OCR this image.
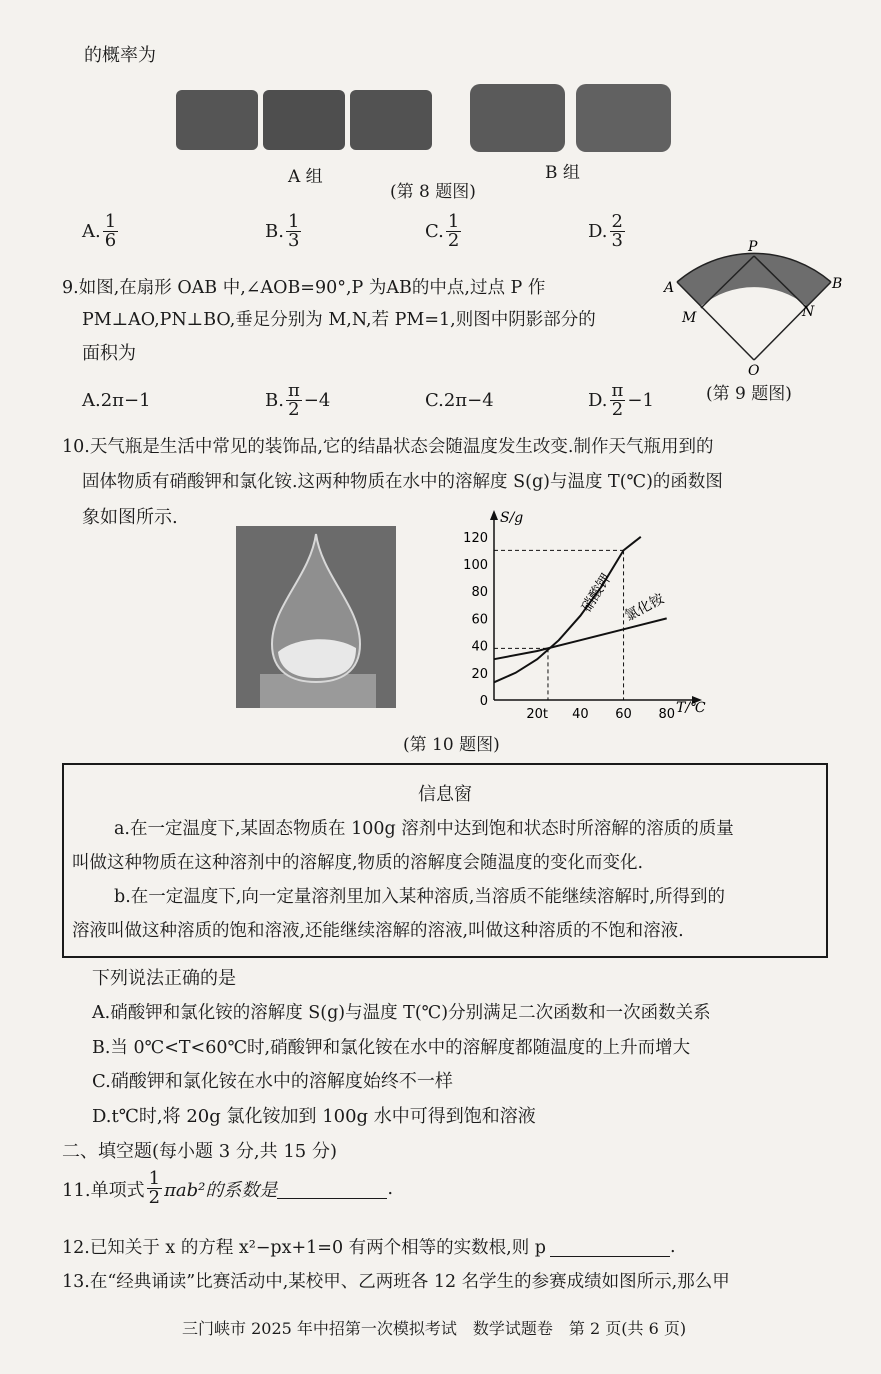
的概率为
A 组	B 组
(第 8 题图)
A. $\frac{1}{6}$	B. $\frac{1}{3}$	C. $\frac{1}{2}$	D. $\frac{2}{3}$
9.如图,在扇形 OAB 中,∠AOB=90°,P 为AB的中点,过点 P 作
PM⊥AO,PN⊥BO,垂足分别为 M,N,若 PM=1,则图中阴影部分的
面积为
P
A	B
M	N
O
(第 9 题图)
A.2π−1	B. $\frac{\pi}{2} -4$	C.2π−4	D. $\frac{\pi}{2} -1$
10.天气瓶是生活中常见的装饰品,它的结晶状态会随温度发生改变.制作天气瓶用到的
固体物质有硝酸钾和氯化铵.这两种物质在水中的溶解度 S(g)与温度 T(℃)的函数图
象如图所示.	S/g
T/℃
0
20
40
60
80
100
120
20t 40 60 80
硝酸钾 氯化铵
(第 10 题图)
信息窗
a.在一定温度下,某固态物质在 100g 溶剂中达到饱和状态时所溶解的溶质的质量
叫做这种物质在这种溶剂中的溶解度,物质的溶解度会随温度的变化而变化.
b.在一定温度下,向一定量溶剂里加入某种溶质,当溶质不能继续溶解时,所得到的
溶液叫做这种溶质的饱和溶液,还能继续溶解的溶液,叫做这种溶质的不饱和溶液.
下列说法正确的是
A.硝酸钾和氯化铵的溶解度 S(g)与温度 T(℃)分别满足二次函数和一次函数关系
B.当 0℃<T<60℃时,硝酸钾和氯化铵在水中的溶解度都随温度的上升而增大
C.硝酸钾和氯化铵在水中的溶解度始终不一样
D.t℃时,将 20g 氯化铵加到 100g 水中可得到饱和溶液
二、填空题(每小题 3 分,共 15 分)
11.单项式 $\frac{1}{2} \pi ab^2$的系数是	.
12.已知关于 x 的方程 x²−px+1=0 有两个相等的实数根,则 p	.
13.在“经典诵读”比赛活动中,某校甲、乙两班各 12 名学生的参赛成绩如图所示,那么甲
三门峡市 2025 年中招第一次模拟考试　数学试题卷　第 2 页(共 6 页)
